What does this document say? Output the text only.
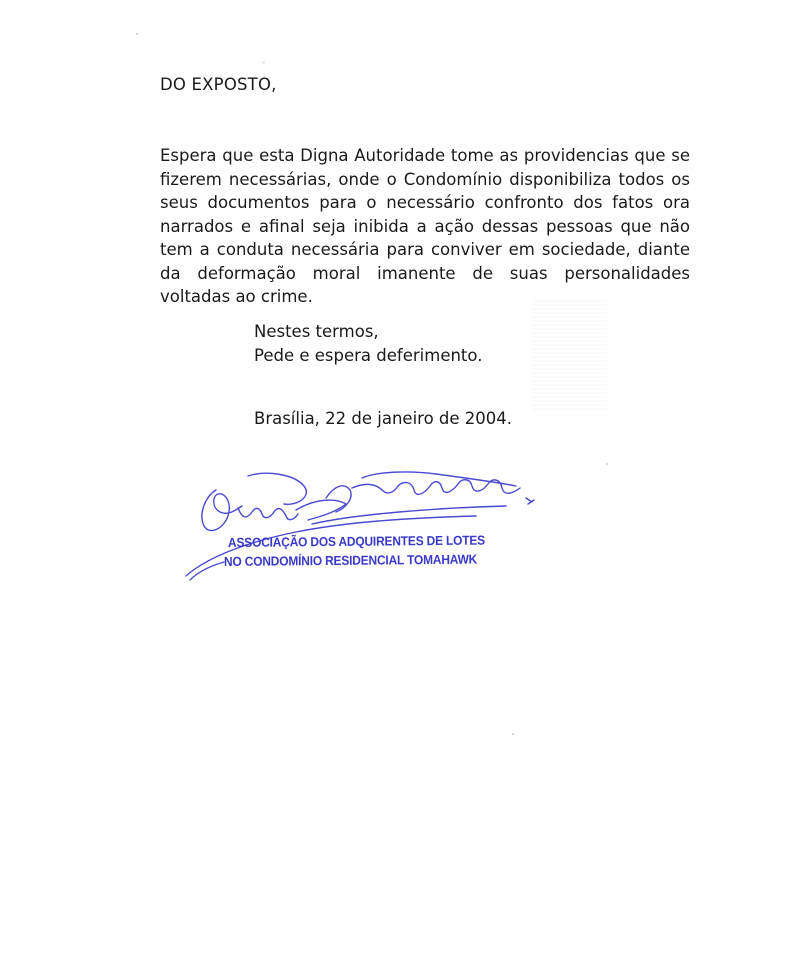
DO EXPOSTO,
Espera que esta Digna Autoridade tome as providencias que se fizerem necessárias, onde o Condomínio disponibiliza todos os seus documentos para o necessário confronto dos fatos ora narrados e afinal seja inibida a ação dessas pessoas que não tem a conduta necessária para conviver em sociedade, diante da deformação moral imanente de suas personalidades voltadas ao crime.
Nestes termos,
Pede e espera deferimento.
Brasília, 22 de janeiro de 2004.
ASSOCIAÇÃO DOS ADQUIRENTES DE LOTES
NO CONDOMÍNIO RESIDENCIAL TOMAHAWK
